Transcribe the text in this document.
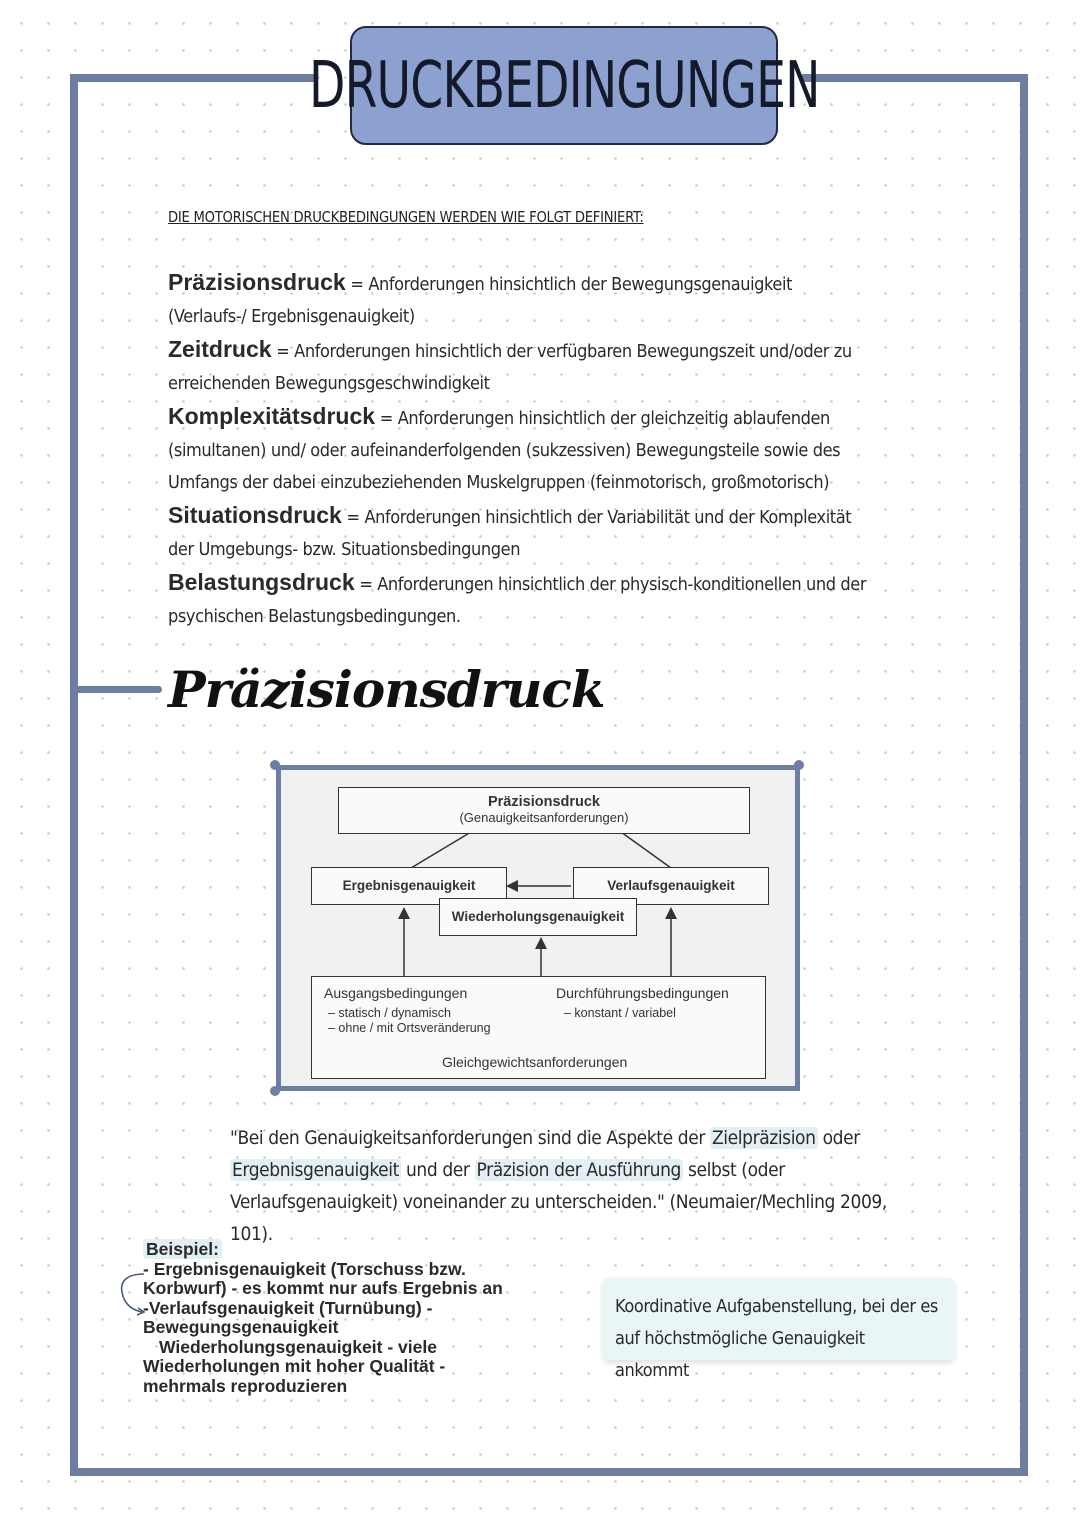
DRUCKBEDINGUNGEN
DIE MOTORISCHEN DRUCKBEDINGUNGEN WERDEN WIE FOLGT DEFINIERT:
Präzisionsdruck = Anforderungen hinsichtlich der Bewegungsgenauigkeit (Verlaufs-/ Ergebnisgenauigkeit)
Zeitdruck = Anforderungen hinsichtlich der verfügbaren Bewegungszeit und/oder zu erreichenden Bewegungsgeschwindigkeit
Komplexitätsdruck = Anforderungen hinsichtlich der gleichzeitig ablaufenden (simultanen) und/ oder aufeinanderfolgenden (sukzessiven) Bewegungsteile sowie des Umfangs der dabei einzubeziehenden Muskelgruppen (feinmotorisch, großmotorisch)
Situationsdruck = Anforderungen hinsichtlich der Variabilität und der Komplexität der Umgebungs- bzw. Situationsbedingungen
Belastungsdruck = Anforderungen hinsichtlich der physisch-konditionellen und der psychischen Belastungsbedingungen.
Präzisionsdruck
Präzisionsdruck
(Genauigkeitsanforderungen)
Ergebnisgenauigkeit	Verlaufsgenauigkeit
Wiederholungsgenauigkeit
Ausgangsbedingungen
– statisch / dynamisch
– ohne / mit Ortsveränderung
Durchführungsbedingungen
– konstant / variabel
Gleichgewichtsanforderungen
"Bei den Genauigkeitsanforderungen sind die Aspekte der Zielpräzision oder Ergebnisgenauigkeit und der Präzision der Ausführung selbst (oder Verlaufsgenauigkeit) voneinander zu unterscheiden." (Neumaier/Mechling 2009, 101).
Beispiel:
- Ergebnisgenauigkeit (Torschuss bzw. Korbwurf) - es kommt nur aufs Ergebnis an
-Verlaufsgenauigkeit (Turnübung) - Bewegungsgenauigkeit
Wiederholungsgenauigkeit - viele Wiederholungen mit hoher Qualität - mehrmals reproduzieren
Koordinative Aufgabenstellung, bei der es auf höchstmögliche Genauigkeit ankommt
